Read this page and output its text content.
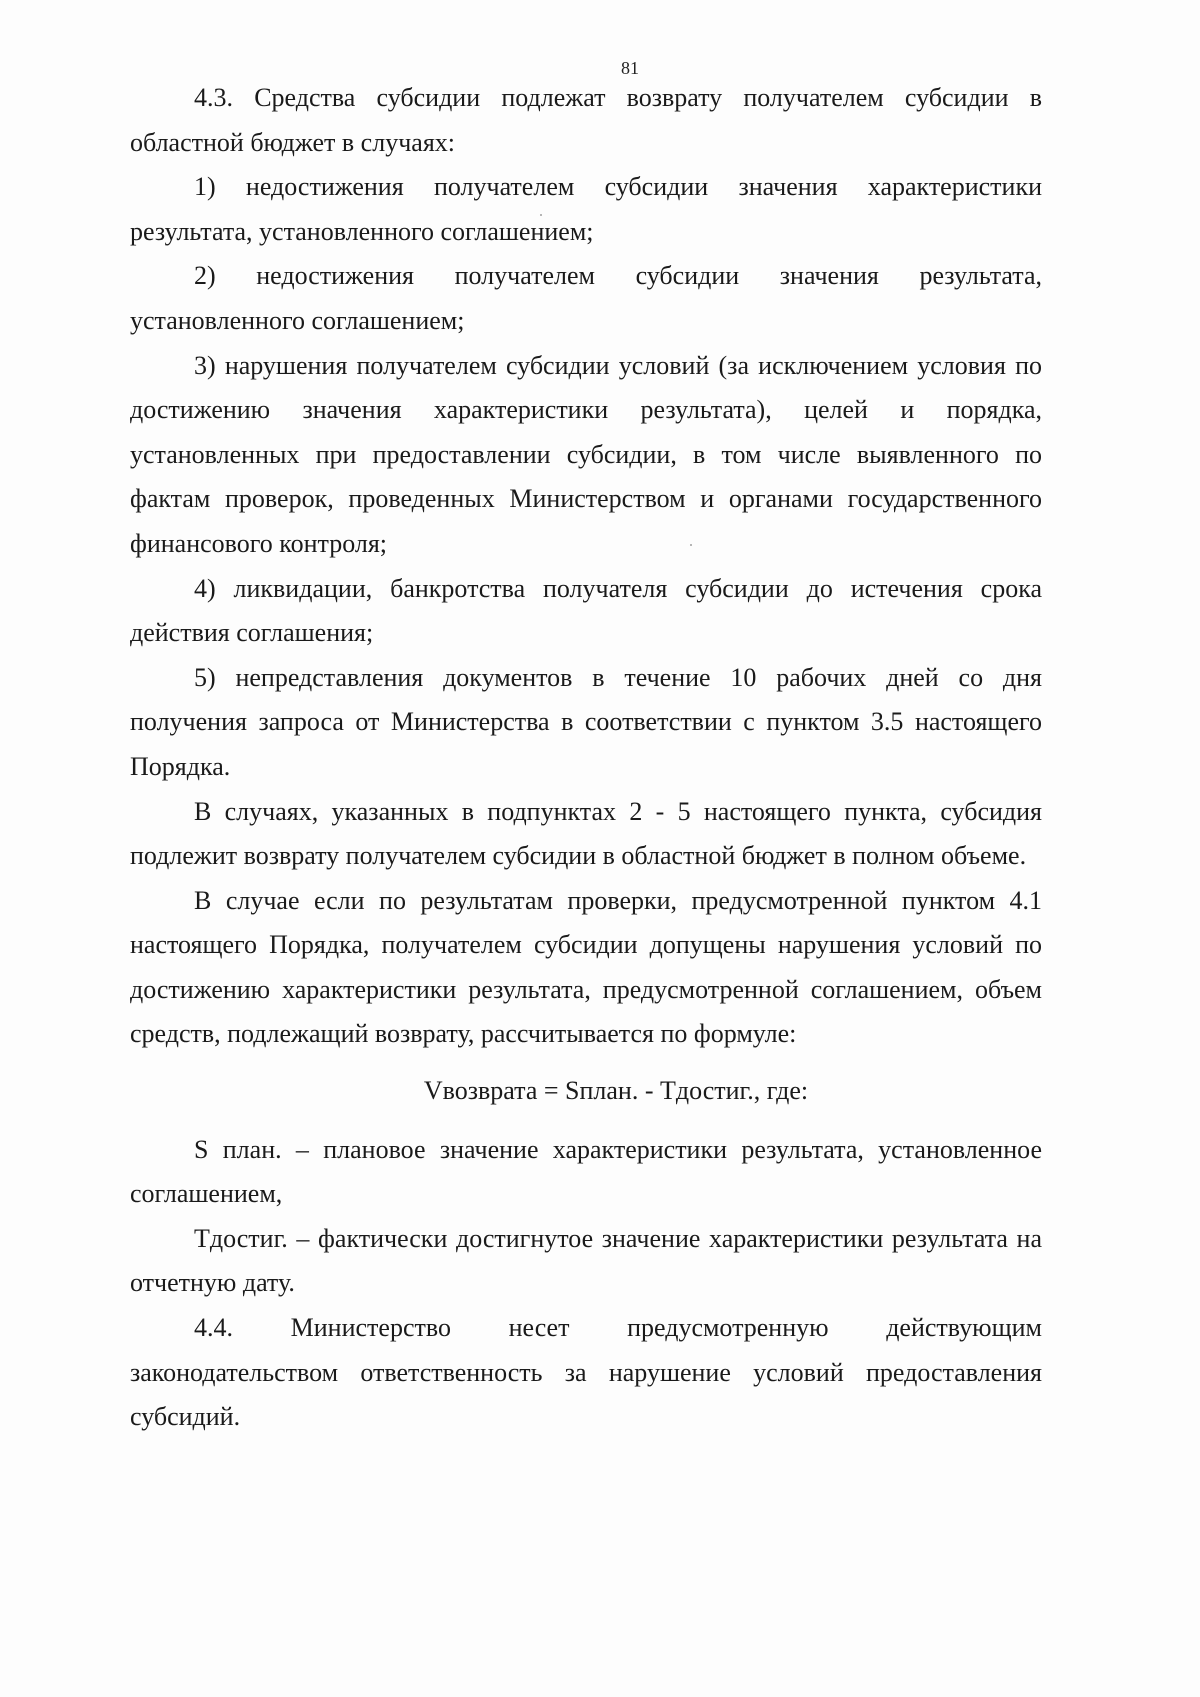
81

4.3. Средства субсидии подлежат возврату получателем субсидии в областной бюджет в случаях:

1) недостижения получателем субсидии значения характеристики результата, установленного соглашением;

2) недостижения получателем субсидии значения результата, установленного соглашением;

3) нарушения получателем субсидии условий (за исключением условия по достижению значения характеристики результата), целей и порядка, установленных при предоставлении субсидии, в том числе выявленного по фактам проверок, проведенных Министерством и органами государственного финансового контроля;

4) ликвидации, банкротства получателя субсидии до истечения срока действия соглашения;

5) непредставления документов в течение 10 рабочих дней со дня получения запроса от Министерства в соответствии с пунктом 3.5 настоящего Порядка.

В случаях, указанных в подпунктах 2 - 5 настоящего пункта, субсидия подлежит возврату получателем субсидии в областной бюджет в полном объеме.

В случае если по результатам проверки, предусмотренной пунктом 4.1 настоящего Порядка, получателем субсидии допущены нарушения условий по достижению характеристики результата, предусмотренной соглашением, объем средств, подлежащий возврату, рассчитывается по формуле:

Vвозврата = Sплан. - Тдостиг., где:

S план. – плановое значение характеристики результата, установленное соглашением,

Тдостиг. – фактически достигнутое значение характеристики результата на отчетную дату.

4.4. Министерство несет предусмотренную действующим законодательством ответственность за нарушение условий предоставления субсидий.
